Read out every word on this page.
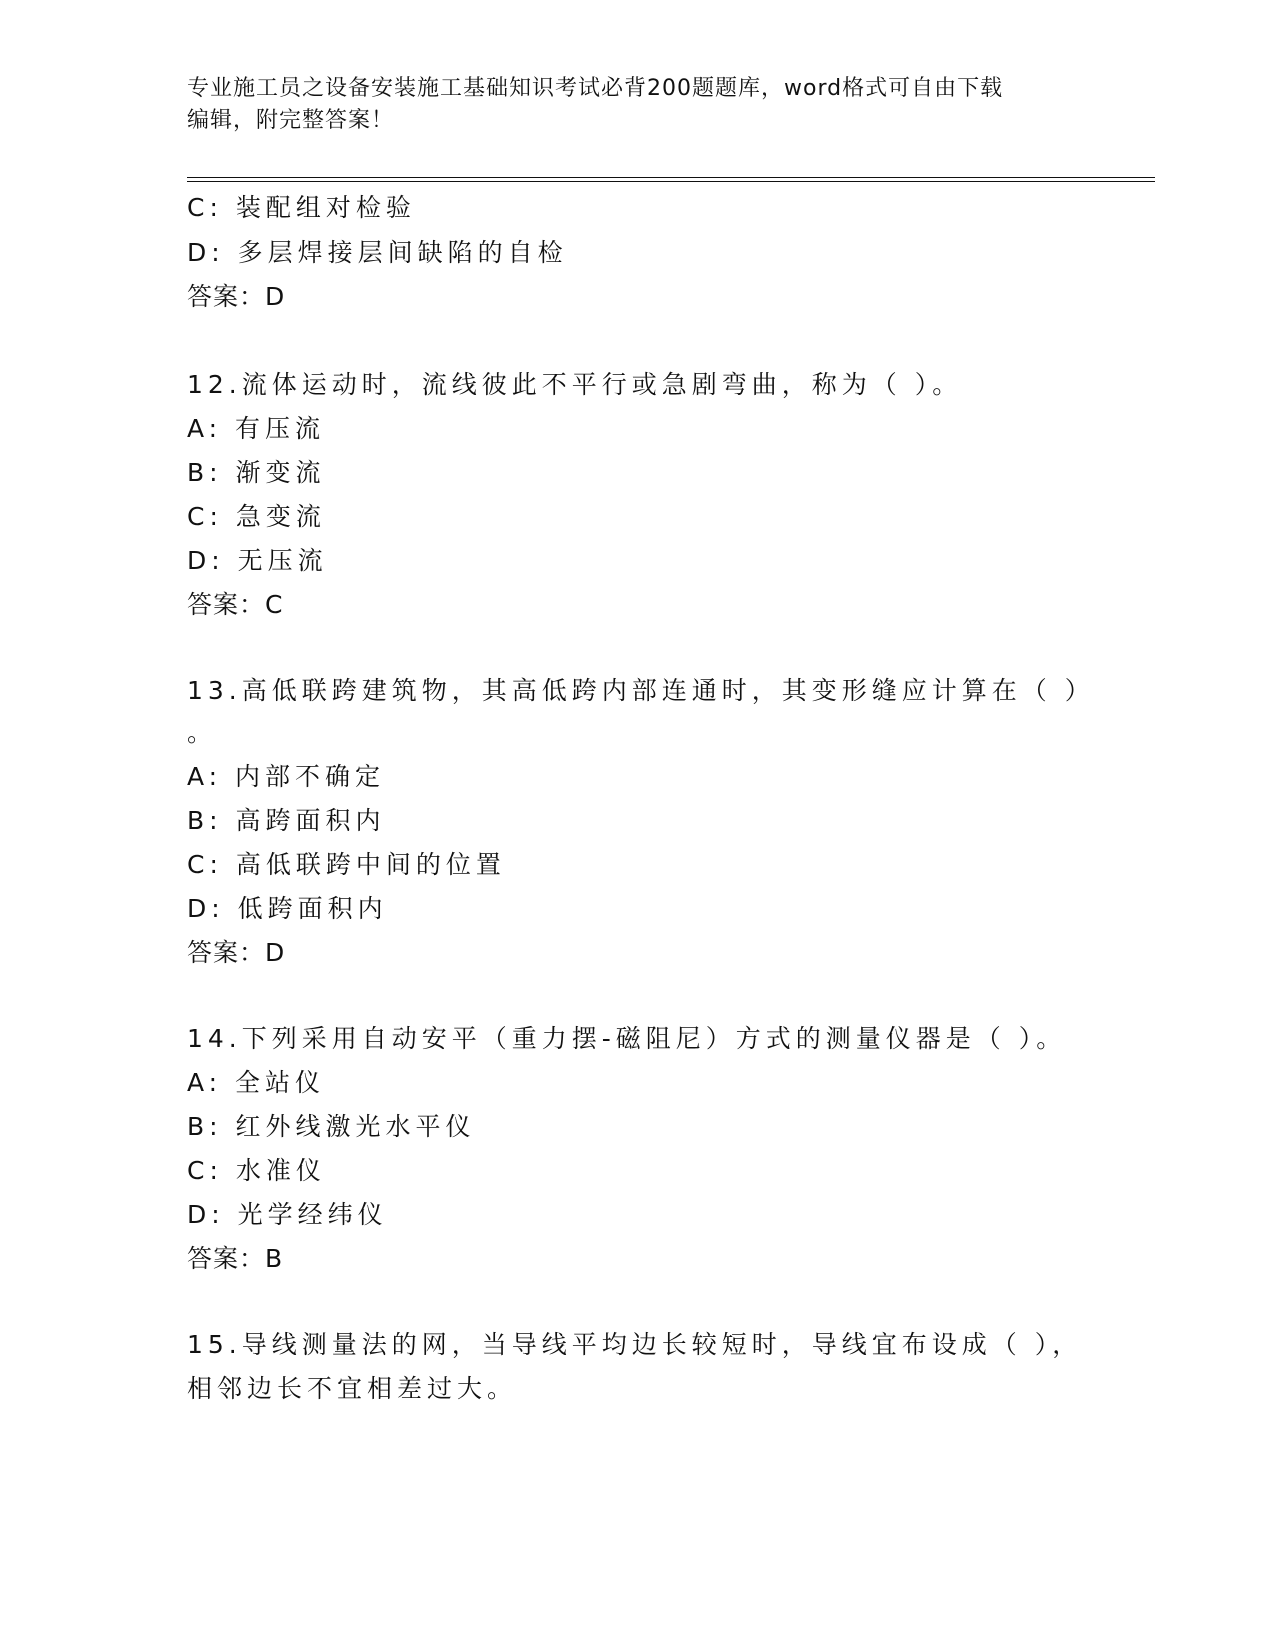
专业施工员之设备安装施工基础知识考试必背200题题库，word格式可自由下载
编辑，附完整答案！
C: 装配组对检验
D: 多层焊接层间缺陷的自检
答案：D
12.流体运动时，流线彼此不平行或急剧弯曲，称为（ ）。
A: 有压流
B: 渐变流
C: 急变流
D: 无压流
答案：C
13.高低联跨建筑物，其高低跨内部连通时，其变形缝应计算在（ ）
。
A: 内部不确定
B: 高跨面积内
C: 高低联跨中间的位置
D: 低跨面积内
答案：D
14.下列采用自动安平（重力摆-磁阻尼）方式的测量仪器是（ ）。
A: 全站仪
B: 红外线激光水平仪
C: 水准仪
D: 光学经纬仪
答案：B
15.导线测量法的网，当导线平均边长较短时，导线宜布设成（ ），
相邻边长不宜相差过大。
